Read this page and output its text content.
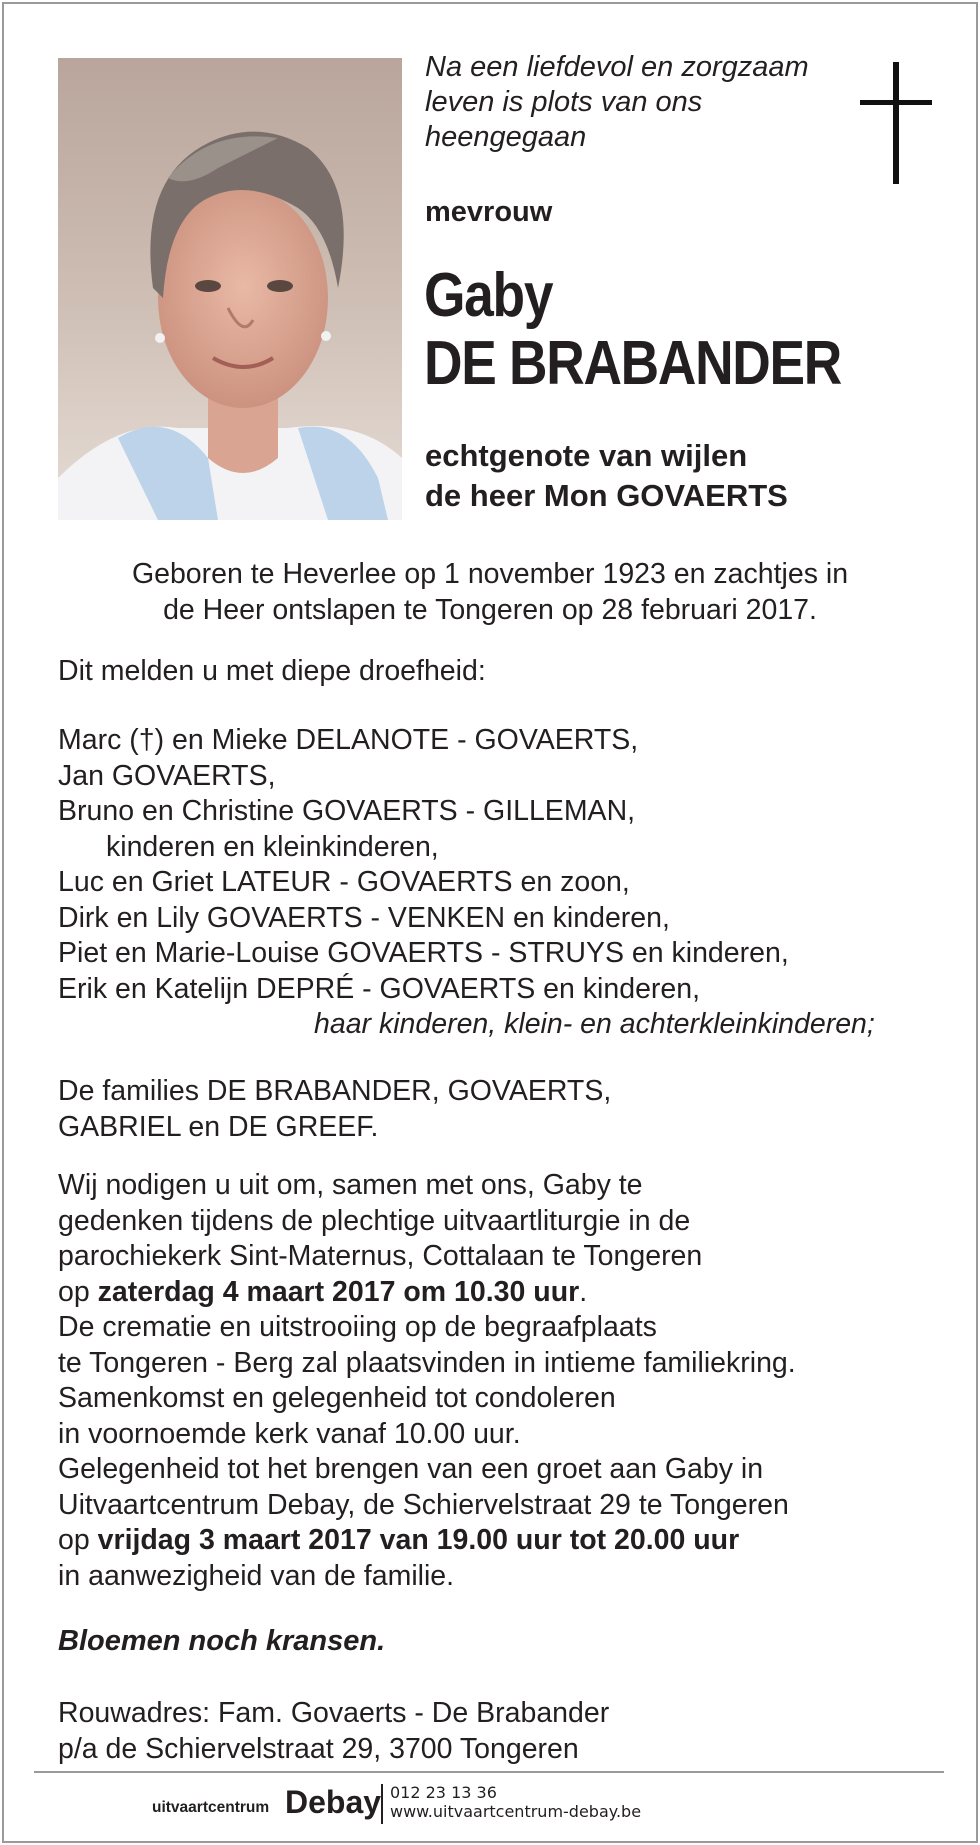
Na een liefdevol en zorgzaam
leven is plots van ons
heengegaan
mevrouw
Gaby
DE BRABANDER
echtgenote van wijlen
de heer Mon GOVAERTS
Geboren te Heverlee op 1 november 1923 en zachtjes in
de Heer ontslapen te Tongeren op 28 februari 2017.
Dit melden u met diepe droefheid:
Marc (†) en Mieke DELANOTE - GOVAERTS,
Jan GOVAERTS,
Bruno en Christine GOVAERTS - GILLEMAN,
kinderen en kleinkinderen,
Luc en Griet LATEUR - GOVAERTS en zoon,
Dirk en Lily GOVAERTS - VENKEN en kinderen,
Piet en Marie-Louise GOVAERTS - STRUYS en kinderen,
Erik en Katelijn DEPRÉ - GOVAERTS en kinderen,
haar kinderen, klein- en achterkleinkinderen;
De families DE BRABANDER, GOVAERTS,
GABRIEL en DE GREEF.
Wij nodigen u uit om, samen met ons, Gaby te
gedenken tijdens de plechtige uitvaartliturgie in de
parochiekerk Sint-Maternus, Cottalaan te Tongeren
op zaterdag 4 maart 2017 om 10.30 uur.
De crematie en uitstrooiing op de begraafplaats
te Tongeren - Berg zal plaatsvinden in intieme familiekring.
Samenkomst en gelegenheid tot condoleren
in voornoemde kerk vanaf 10.00 uur.
Gelegenheid tot het brengen van een groet aan Gaby in
Uitvaartcentrum Debay, de Schiervelstraat 29 te Tongeren
op vrijdag 3 maart 2017 van 19.00 uur tot 20.00 uur
in aanwezigheid van de familie.
Bloemen noch kransen.
Rouwadres: Fam. Govaerts - De Brabander
p/a de Schiervelstraat 29, 3700 Tongeren
uitvaartcentrum Debay 012 23 13 36
www.uitvaartcentrum-debay.be
